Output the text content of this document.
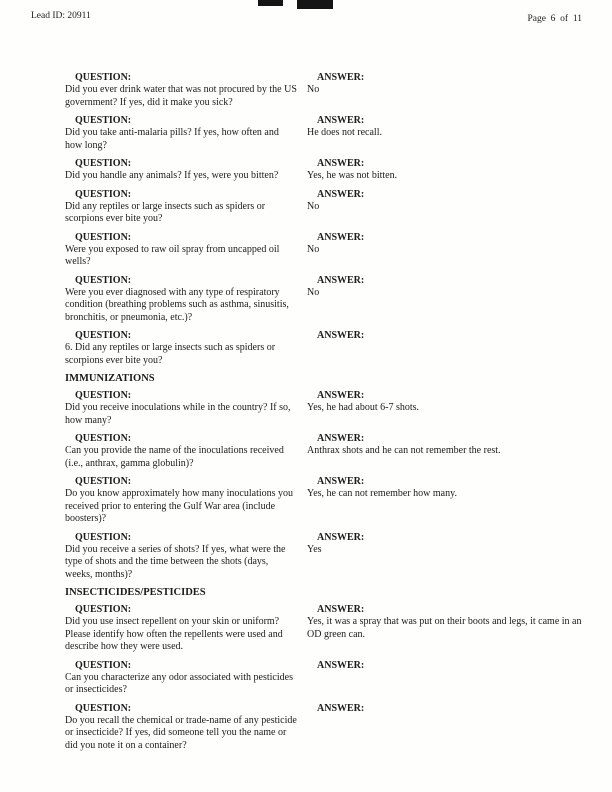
Lead ID: 20911	Page  6  of  11
QUESTION:
Did you ever drink water that was not procured by the US government? If yes, did it make you sick?
ANSWER:
No
QUESTION:
Did you take anti-malaria pills? If yes, how often and how long?
ANSWER:
He does not recall.
QUESTION:
Did you handle any animals? If yes, were you bitten?
ANSWER:
Yes, he was not bitten.
QUESTION:
Did any reptiles or large insects such as spiders or scorpions ever bite you?
ANSWER:
No
QUESTION:
Were you exposed to raw oil spray from uncapped oil wells?
ANSWER:
No
QUESTION:
Were you ever diagnosed with any type of respiratory condition (breathing problems such as asthma, sinusitis, bronchitis, or pneumonia, etc.)?
ANSWER:
No
QUESTION:
6. Did any reptiles or large insects such as spiders or scorpions ever bite you?
ANSWER:
IMMUNIZATIONS
QUESTION:
Did you receive inoculations while in the country? If so, how many?
ANSWER:
Yes, he had about 6-7 shots.
QUESTION:
Can you provide the name of the inoculations received (i.e., anthrax, gamma globulin)?
ANSWER:
Anthrax shots and he can not remember the rest.
QUESTION:
Do you know approximately how many inoculations you received prior to entering the Gulf War area (include boosters)?
ANSWER:
Yes, he can not remember how many.
QUESTION:
Did you receive a series of shots? If yes, what were the type of shots and the time between the shots (days, weeks, months)?
ANSWER:
Yes
INSECTICIDES/PESTICIDES
QUESTION:
Did you use insect repellent on your skin or uniform? Please identify how often the repellents were used and describe how they were used.
ANSWER:
Yes, it was a spray that was put on their boots and legs, it came in an OD green can.
QUESTION:
Can you characterize any odor associated with pesticides or insecticides?
ANSWER:
QUESTION:
Do you recall the chemical or trade-name of any pesticide or insecticide? If yes, did someone tell you the name or did you note it on a container?
ANSWER:
